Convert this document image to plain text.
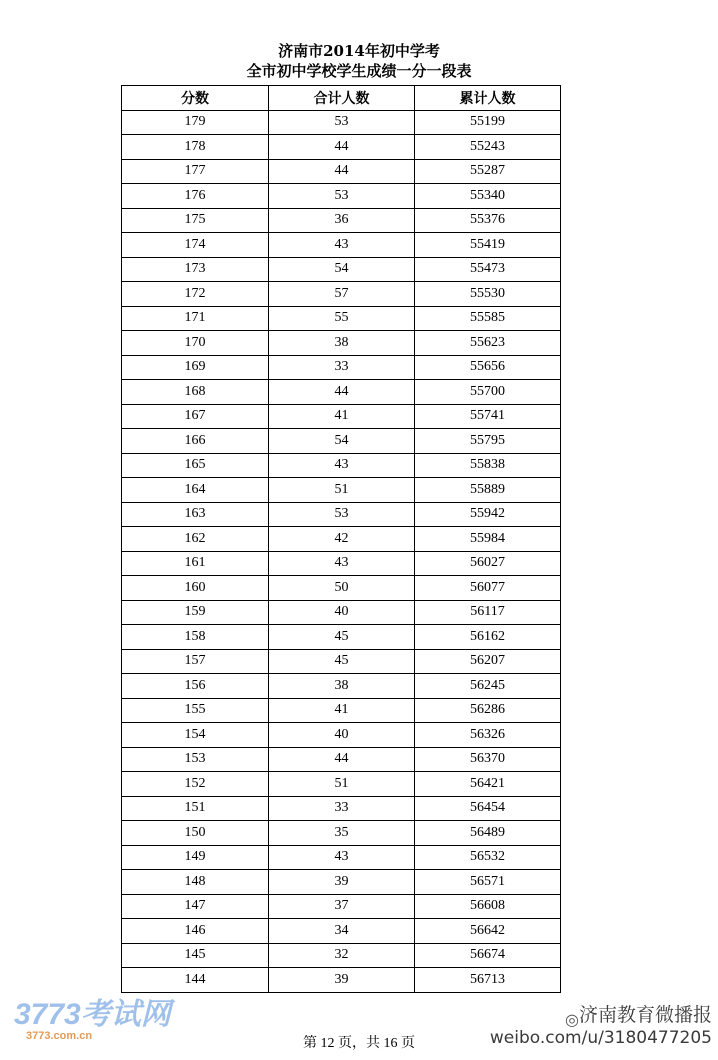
济南市2014年初中学考
全市初中学校学生成绩一分一段表
分数	合计人数	累计人数
179	53	55199
178	44	55243
177	44	55287
176	53	55340
175	36	55376
174	43	55419
173	54	55473
172	57	55530
171	55	55585
170	38	55623
169	33	55656
168	44	55700
167	41	55741
166	54	55795
165	43	55838
164	51	55889
163	53	55942
162	42	55984
161	43	56027
160	50	56077
159	40	56117
158	45	56162
157	45	56207
156	38	56245
155	41	56286
154	40	56326
153	44	56370
152	51	56421
151	33	56454
150	35	56489
149	43	56532
148	39	56571
147	37	56608
146	34	56642
145	32	56674
144	39	56713
第 12 页，共 16 页
3773考试网
3773.com.cn
◎济南教育微播报
weibo.com/u/3180477205
